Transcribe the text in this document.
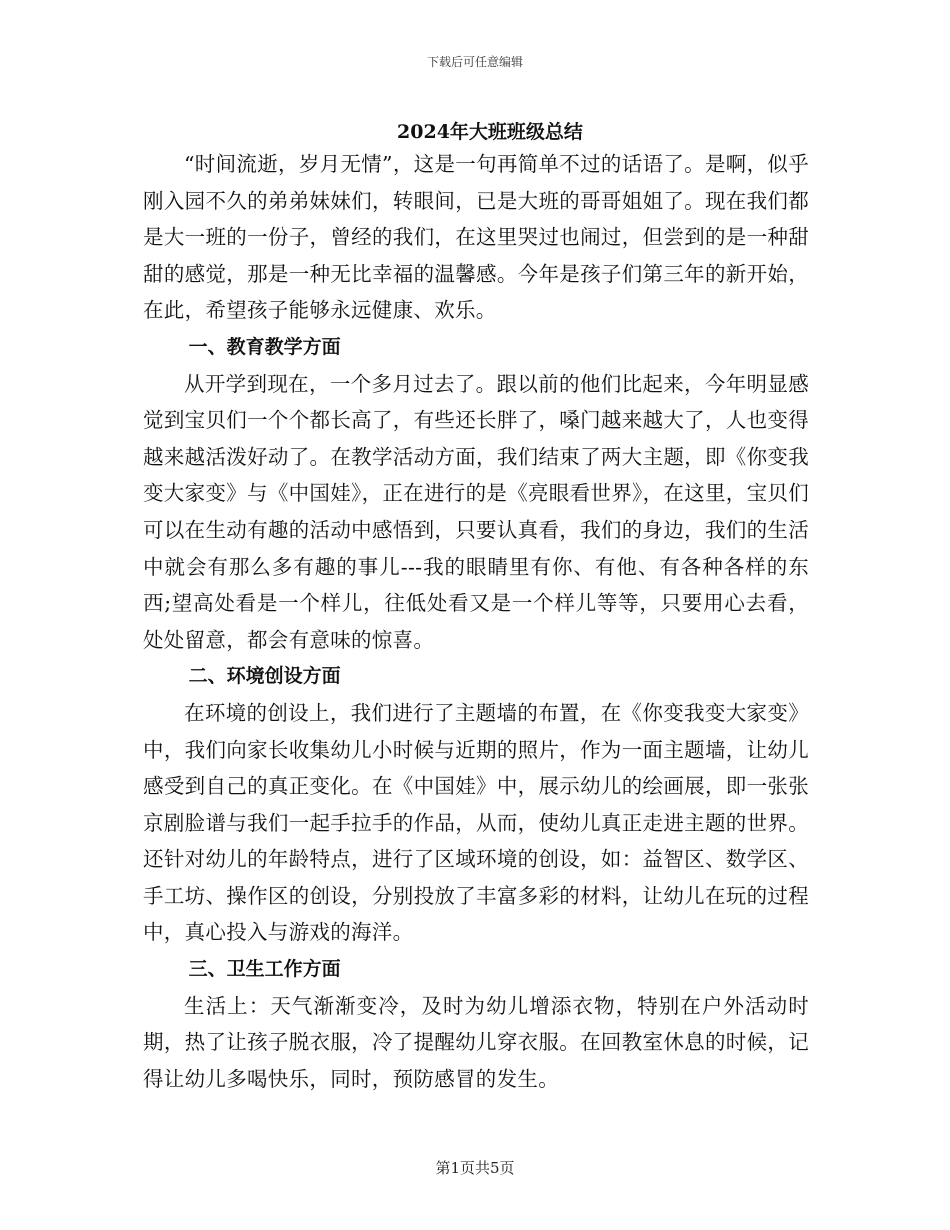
下载后可任意编辑
2024年大班班级总结

“时间流逝，岁月无情”，这是一句再简单不过的话语了。是啊，似乎刚入园不久的弟弟妹妹们，转眼间，已是大班的哥哥姐姐了。现在我们都是大一班的一份子，曾经的我们，在这里哭过也闹过，但尝到的是一种甜甜的感觉，那是一种无比幸福的温馨感。今年是孩子们第三年的新开始，在此，希望孩子能够永远健康、欢乐。

一、教育教学方面

从开学到现在，一个多月过去了。跟以前的他们比起来，今年明显感觉到宝贝们一个个都长高了，有些还长胖了，嗓门越来越大了，人也变得越来越活泼好动了。在教学活动方面，我们结束了两大主题，即《你变我变大家变》与《中国娃》，正在进行的是《亮眼看世界》，在这里，宝贝们可以在生动有趣的活动中感悟到，只要认真看，我们的身边，我们的生活中就会有那么多有趣的事儿---我的眼睛里有你、有他、有各种各样的东西;望高处看是一个样儿，往低处看又是一个样儿等等，只要用心去看，处处留意，都会有意味的惊喜。

二、环境创设方面

在环境的创设上，我们进行了主题墙的布置，在《你变我变大家变》中，我们向家长收集幼儿小时候与近期的照片，作为一面主题墙，让幼儿感受到自己的真正变化。在《中国娃》中，展示幼儿的绘画展，即一张张京剧脸谱与我们一起手拉手的作品，从而，使幼儿真正走进主题的世界。还针对幼儿的年龄特点，进行了区域环境的创设，如：益智区、数学区、手工坊、操作区的创设，分别投放了丰富多彩的材料，让幼儿在玩的过程中，真心投入与游戏的海洋。

三、卫生工作方面

生活上：天气渐渐变冷，及时为幼儿增添衣物，特别在户外活动时期，热了让孩子脱衣服，冷了提醒幼儿穿衣服。在回教室休息的时候，记得让幼儿多喝快乐，同时，预防感冒的发生。

第1页共5页
